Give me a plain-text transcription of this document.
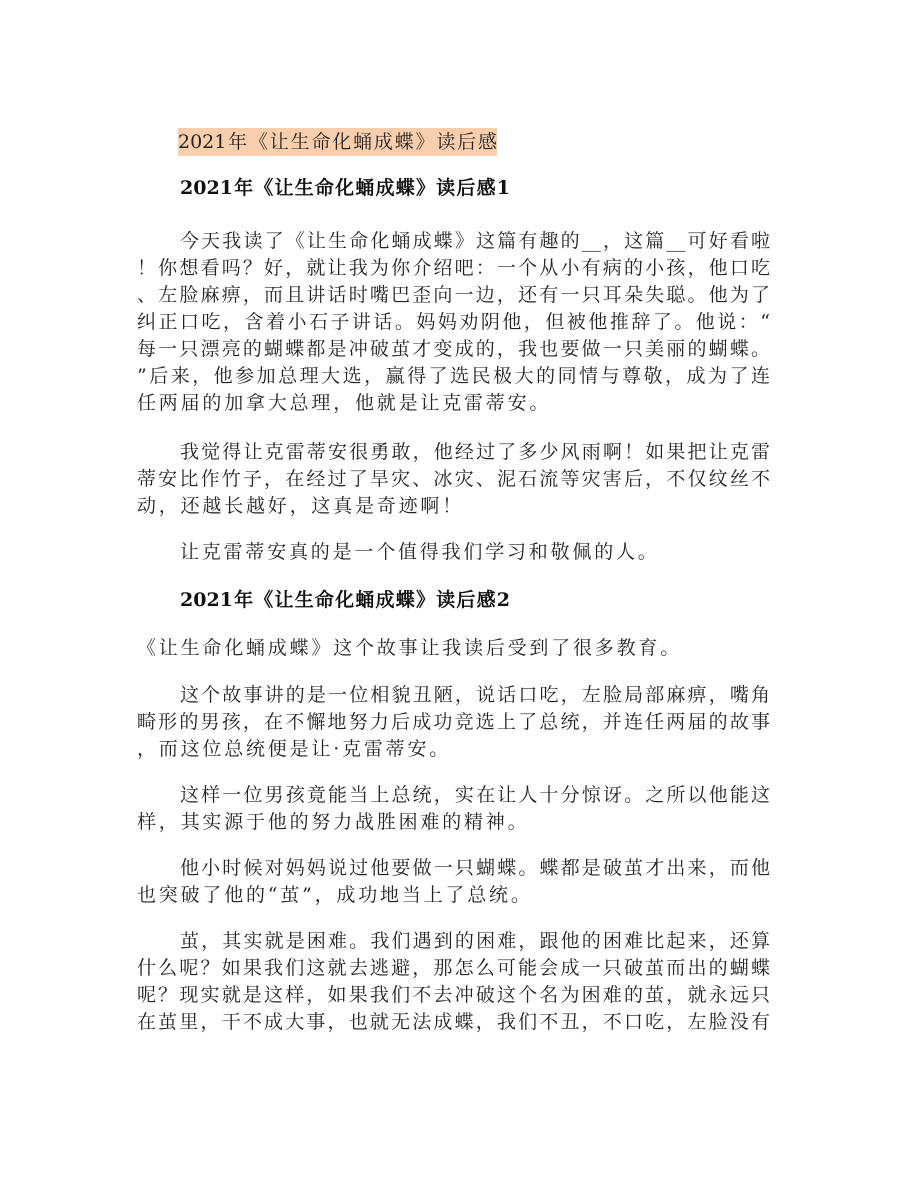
2021年《让生命化蛹成蝶》读后感
2021年《让生命化蛹成蝶》读后感1
今天我读了《让生命化蛹成蝶》这篇有趣的__，这篇__可好看啦
！你想看吗？好，就让我为你介绍吧：一个从小有病的小孩，他口吃
、左脸麻痹，而且讲话时嘴巴歪向一边，还有一只耳朵失聪。他为了
纠正口吃，含着小石子讲话。妈妈劝阴他，但被他推辞了。他说：“
每一只漂亮的蝴蝶都是冲破茧才变成的，我也要做一只美丽的蝴蝶。
”后来，他参加总理大选，赢得了选民极大的同情与尊敬，成为了连
任两届的加拿大总理，他就是让克雷蒂安。
我觉得让克雷蒂安很勇敢，他经过了多少风雨啊！如果把让克雷
蒂安比作竹子，在经过了旱灾、冰灾、泥石流等灾害后，不仅纹丝不
动，还越长越好，这真是奇迹啊！
让克雷蒂安真的是一个值得我们学习和敬佩的人。
2021年《让生命化蛹成蝶》读后感2
《让生命化蛹成蝶》这个故事让我读后受到了很多教育。
这个故事讲的是一位相貌丑陋，说话口吃，左脸局部麻痹，嘴角
畸形的男孩，在不懈地努力后成功竞选上了总统，并连任两届的故事
，而这位总统便是让·克雷蒂安。
这样一位男孩竟能当上总统，实在让人十分惊讶。之所以他能这
样，其实源于他的努力战胜困难的精神。
他小时候对妈妈说过他要做一只蝴蝶。蝶都是破茧才出来，而他
也突破了他的“茧”，成功地当上了总统。
茧，其实就是困难。我们遇到的困难，跟他的困难比起来，还算
什么呢？如果我们这就去逃避，那怎么可能会成一只破茧而出的蝴蝶
呢？现实就是这样，如果我们不去冲破这个名为困难的茧，就永远只
在茧里，干不成大事，也就无法成蝶，我们不丑，不口吃，左脸没有
